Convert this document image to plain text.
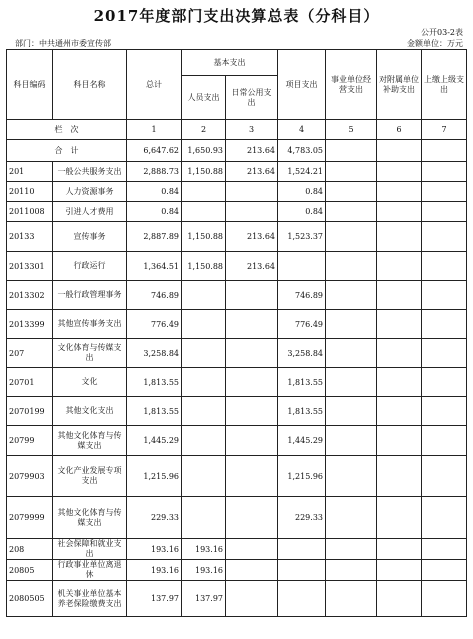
2017年度部门支出决算总表（分科目）
公开03-2表
部门：中共通州市委宣传部	金额单位：万元
科目编码	科目名称	总计	基本支出		项目支出	事业单位经营支出	对附属单位补助支出	上缴上级支出
			人员支出	日常公用支出				
栏　次		1	2	3	4	5	6	7
合　计		6,647.62	1,650.93	213.64	4,783.05			
201	一般公共服务支出	2,888.73	1,150.88	213.64	1,524.21			
20110	人力资源事务	0.84			0.84			
2011008	引进人才费用	0.84			0.84			
20133	宣传事务	2,887.89	1,150.88	213.64	1,523.37			
2013301	行政运行	1,364.51	1,150.88	213.64				
2013302	一般行政管理事务	746.89			746.89			
2013399	其他宣传事务支出	776.49			776.49			
207	文化体育与传媒支出	3,258.84			3,258.84			
20701	文化	1,813.55			1,813.55			
2070199	其他文化支出	1,813.55			1,813.55			
20799	其他文化体育与传媒支出	1,445.29			1,445.29			
2079903	文化产业发展专项支出	1,215.96			1,215.96			
2079999	其他文化体育与传媒支出	229.33			229.33			
208	社会保障和就业支出	193.16	193.16					
20805	行政事业单位离退休	193.16	193.16					
2080505	机关事业单位基本养老保险缴费支出	137.97	137.97					
